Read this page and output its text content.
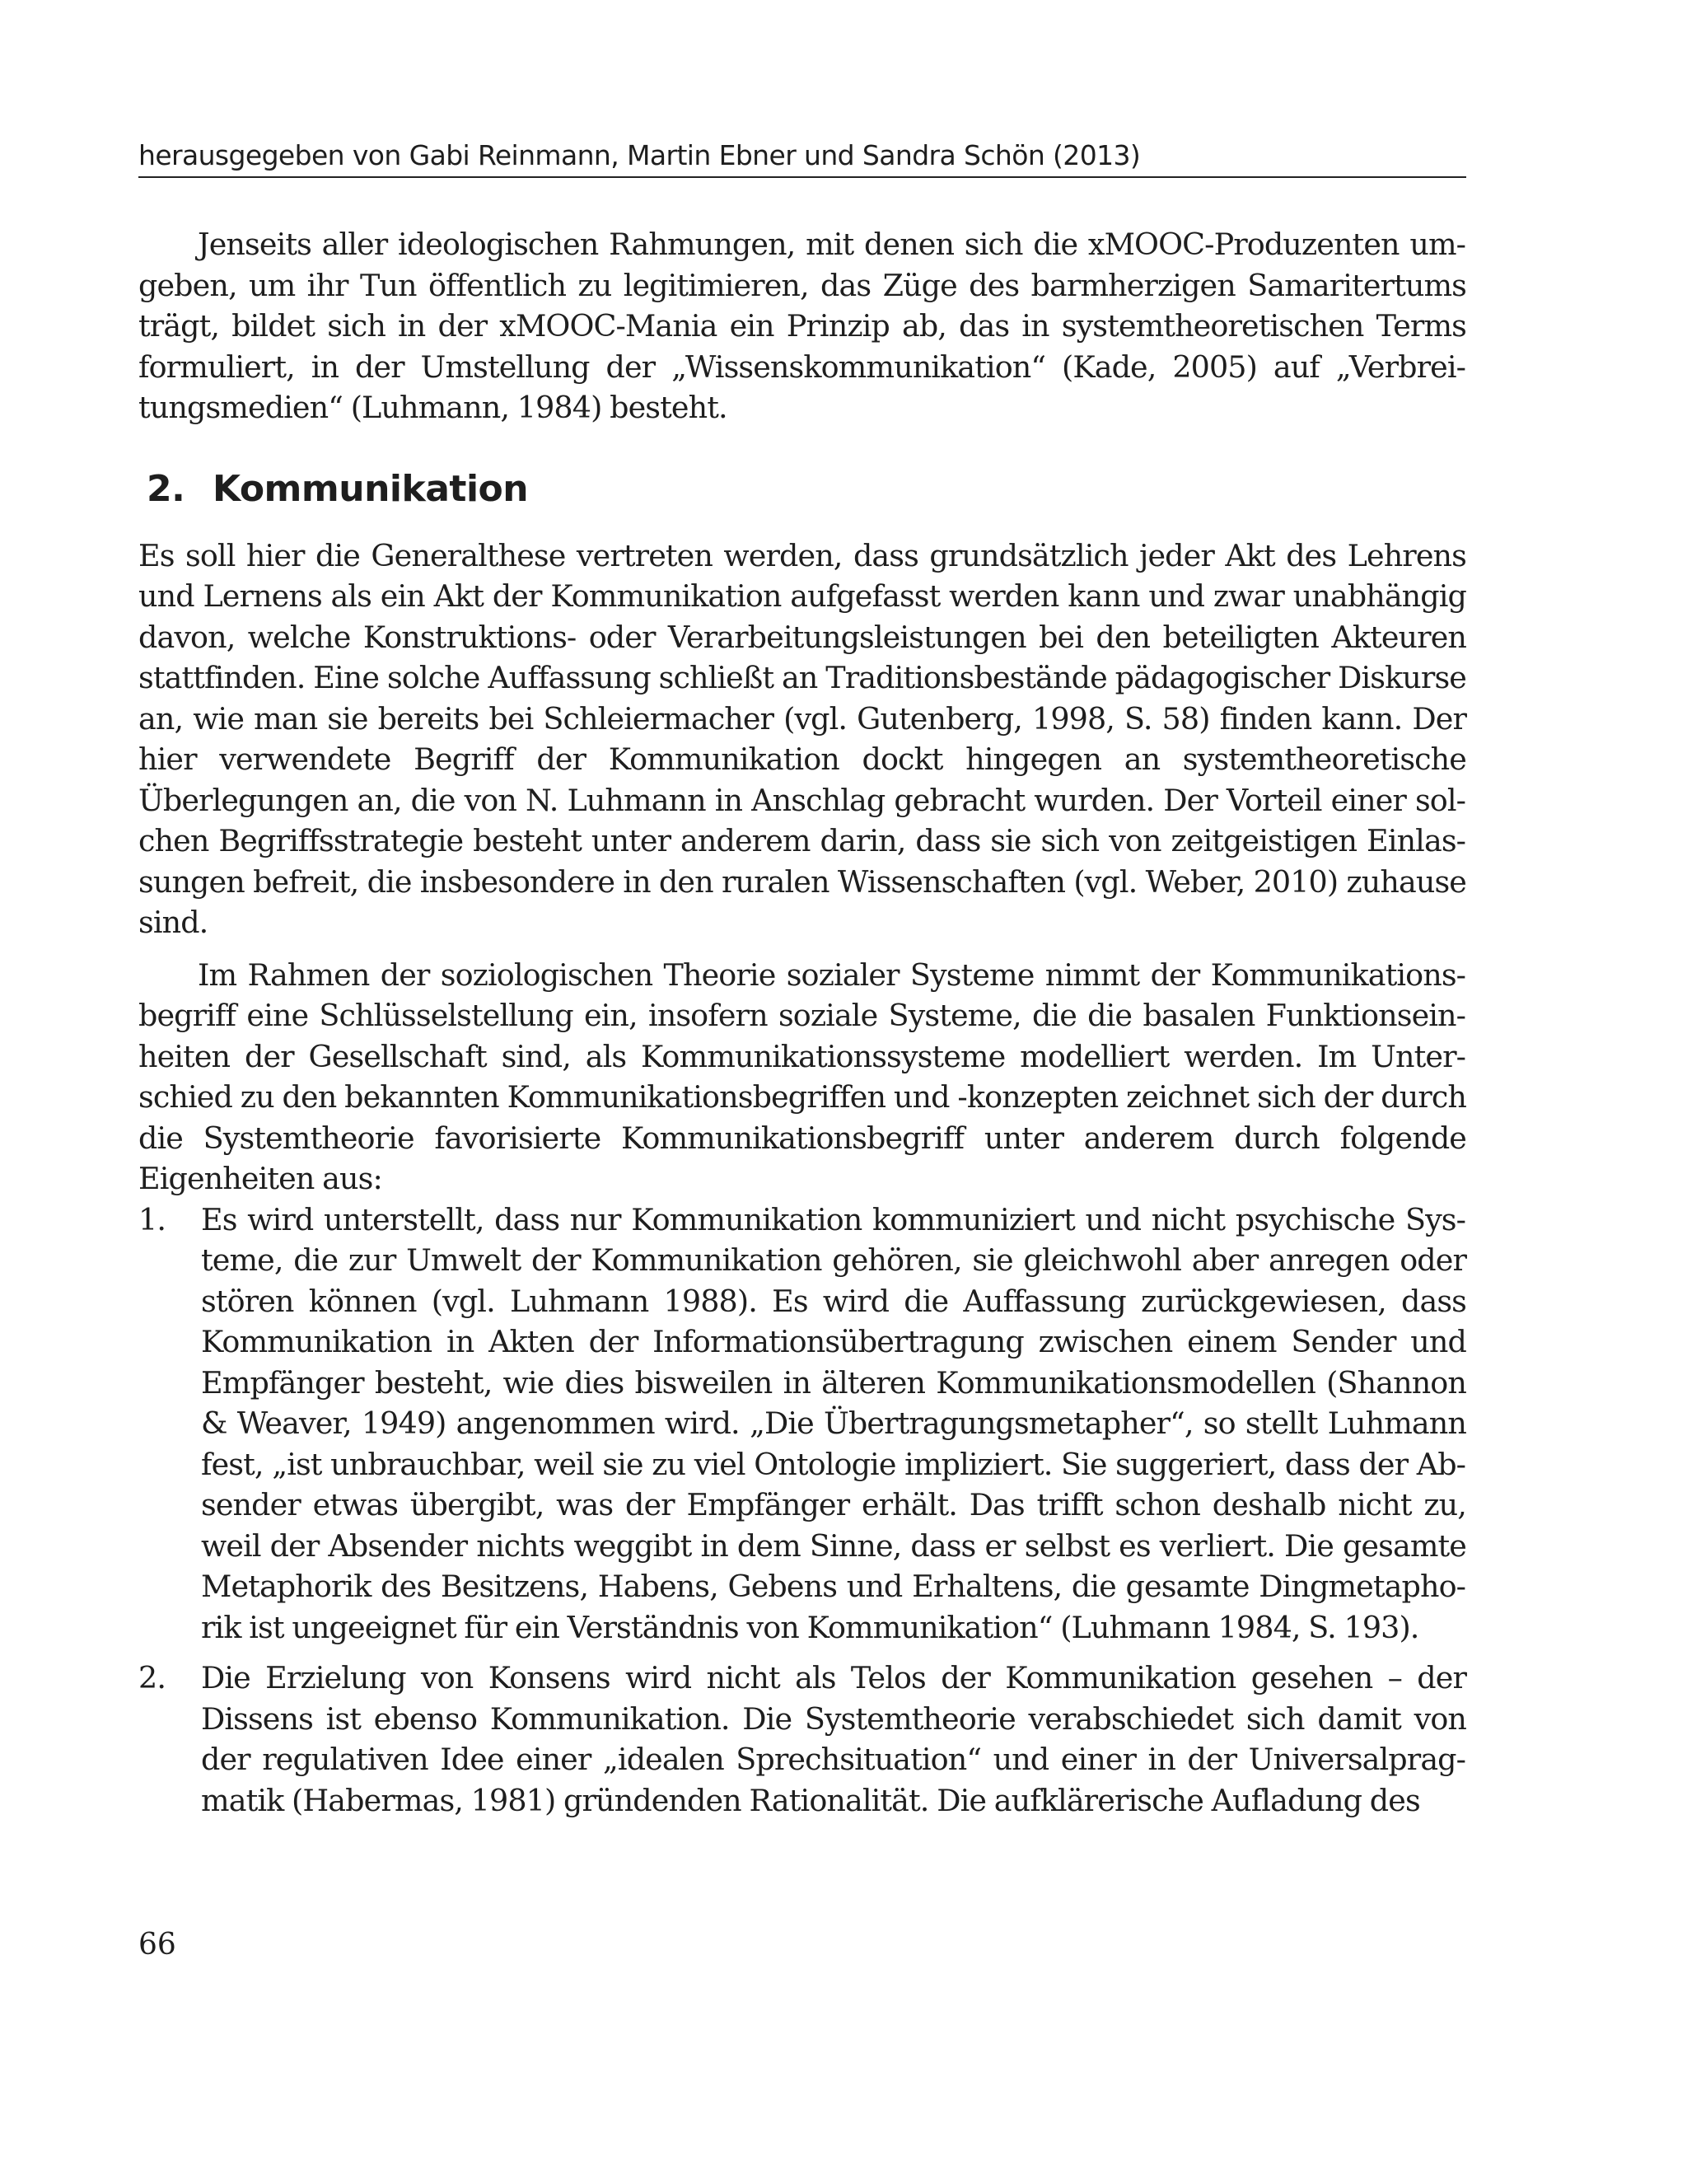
herausgegeben von Gabi Reinmann, Martin Ebner und Sandra Schön (2013)

Jenseits aller ideologischen Rahmungen, mit denen sich die xMOOC-Produzenten umgeben, um ihr Tun öffentlich zu legitimieren, das Züge des barmherzigen Samaritertums trägt, bildet sich in der xMOOC-Mania ein Prinzip ab, das in systemtheoretischen Terms formuliert, in der Umstellung der „Wissenskommunikation“ (Kade, 2005) auf „Verbreitungsmedien“ (Luhmann, 1984) besteht.

2. Kommunikation

Es soll hier die Generalthese vertreten werden, dass grundsätzlich jeder Akt des Lehrens und Lernens als ein Akt der Kommunikation aufgefasst werden kann und zwar unabhängig davon, welche Konstruktions- oder Verarbeitungsleistungen bei den beteiligten Akteuren stattfinden. Eine solche Auffassung schließt an Traditionsbestände pädagogischer Diskurse an, wie man sie bereits bei Schleiermacher (vgl. Gutenberg, 1998, S. 58) finden kann. Der hier verwendete Begriff der Kommunikation dockt hingegen an systemtheoretische Überlegungen an, die von N. Luhmann in Anschlag gebracht wurden. Der Vorteil einer solchen Begriffsstrategie besteht unter anderem darin, dass sie sich von zeitgeistigen Einlassungen befreit, die insbesondere in den ruralen Wissenschaften (vgl. Weber, 2010) zuhause sind.

Im Rahmen der soziologischen Theorie sozialer Systeme nimmt der Kommunikationsbegriff eine Schlüsselstellung ein, insofern soziale Systeme, die die basalen Funktionseinheiten der Gesellschaft sind, als Kommunikationssysteme modelliert werden. Im Unterschied zu den bekannten Kommunikationsbegriffen und -konzepten zeichnet sich der durch die Systemtheorie favorisierte Kommunikationsbegriff unter anderem durch folgende Eigenheiten aus:

1. Es wird unterstellt, dass nur Kommunikation kommuniziert und nicht psychische Systeme, die zur Umwelt der Kommunikation gehören, sie gleichwohl aber anregen oder stören können (vgl. Luhmann 1988). Es wird die Auffassung zurückgewiesen, dass Kommunikation in Akten der Informationsübertragung zwischen einem Sender und Empfänger besteht, wie dies bisweilen in älteren Kommunikationsmodellen (Shannon & Weaver, 1949) angenommen wird. „Die Übertragungsmetapher“, so stellt Luhmann fest, „ist unbrauchbar, weil sie zu viel Ontologie impliziert. Sie suggeriert, dass der Absender etwas übergibt, was der Empfänger erhält. Das trifft schon deshalb nicht zu, weil der Absender nichts weggibt in dem Sinne, dass er selbst es verliert. Die gesamte Metaphorik des Besitzens, Habens, Gebens und Erhaltens, die gesamte Dingmetaphorik ist ungeeignet für ein Verständnis von Kommunikation“ (Luhmann 1984, S. 193).
2. Die Erzielung von Konsens wird nicht als Telos der Kommunikation gesehen – der Dissens ist ebenso Kommunikation. Die Systemtheorie verabschiedet sich damit von der regulativen Idee einer „idealen Sprechsituation“ und einer in der Universalpragmatik (Habermas, 1981) gründenden Rationalität. Die aufklärerische Aufladung des
66
